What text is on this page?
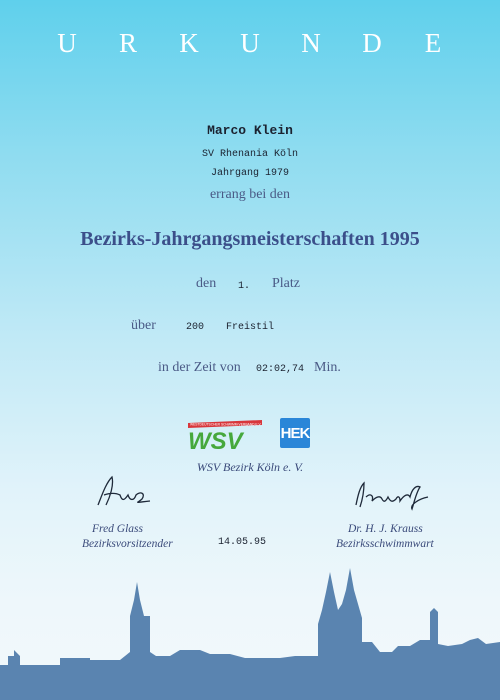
U R K U N D E
Marco Klein
SV Rhenania Köln
Jahrgang 1979
errang bei den
Bezirks-Jahrgangsmeisterschaften 1995
den 1. Platz
über	200 Freistil
in der Zeit von 02:02,74 Min.
WESTDEUTSCHER SCHWIMM-VERBAND E.V.
WSV	HEK
WSV Bezirk Köln e. V.
Fred Glass
Bezirksvorsitzender	14.05.95
Dr. H. J. Krauss
Bezirksschwimmwart
